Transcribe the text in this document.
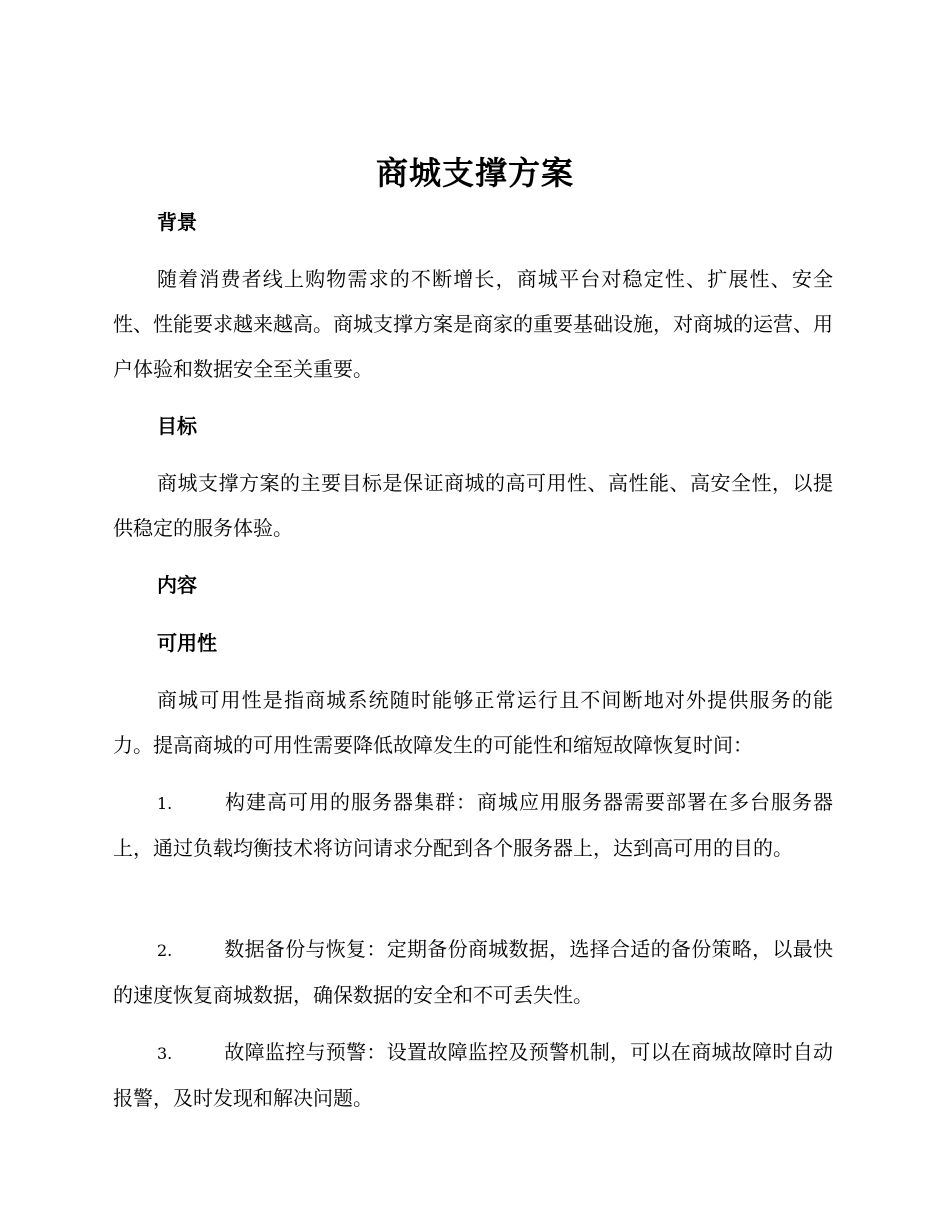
商城支撑方案
背景

随着消费者线上购物需求的不断增长，商城平台对稳定性、扩展性、安全性、性能要求越来越高。商城支撑方案是商家的重要基础设施，对商城的运营、用户体验和数据安全至关重要。

目标

商城支撑方案的主要目标是保证商城的高可用性、高性能、高安全性，以提供稳定的服务体验。

内容
可用性

商城可用性是指商城系统随时能够正常运行且不间断地对外提供服务的能力。提高商城的可用性需要降低故障发生的可能性和缩短故障恢复时间：

1.	构建高可用的服务器集群：商城应用服务器需要部署在多台服务器上，通过负载均衡技术将访问请求分配到各个服务器上，达到高可用的目的。

2.	数据备份与恢复：定期备份商城数据，选择合适的备份策略，以最快的速度恢复商城数据，确保数据的安全和不可丢失性。

3.	故障监控与预警：设置故障监控及预警机制，可以在商城故障时自动报警，及时发现和解决问题。
